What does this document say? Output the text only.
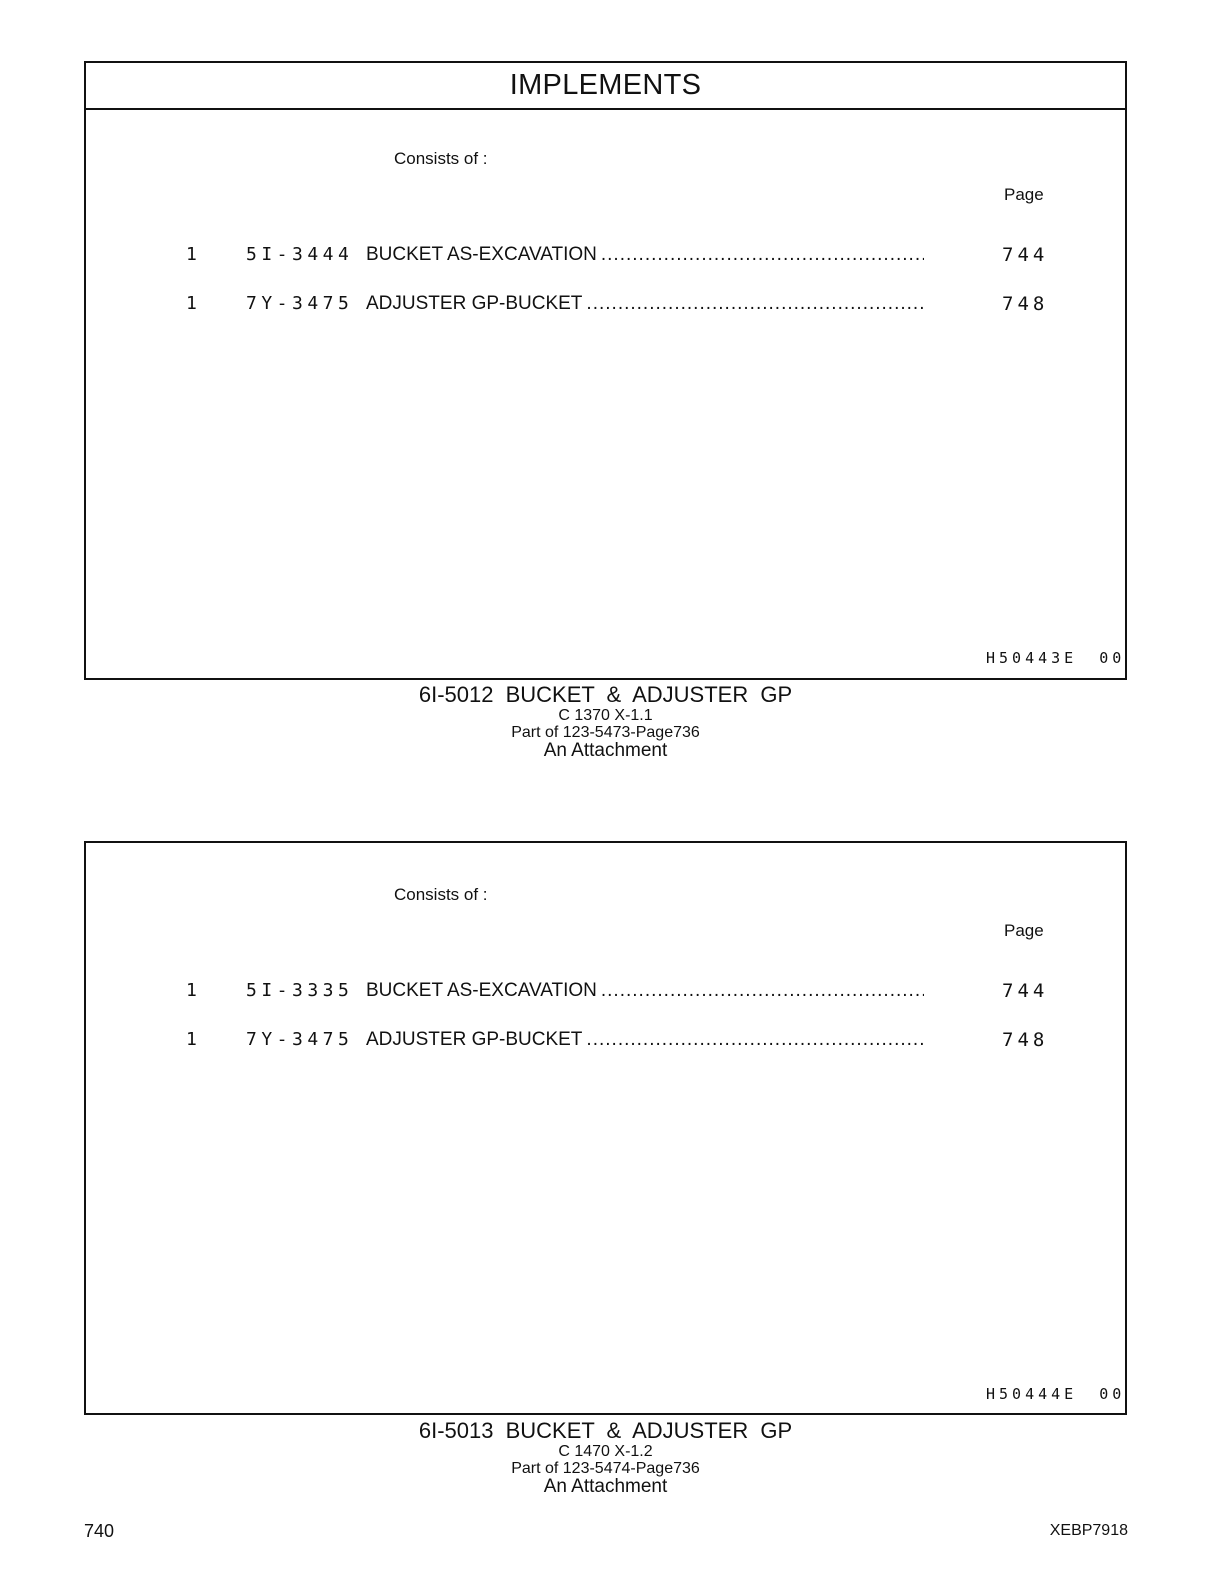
IMPLEMENTS
Consists of :
Page
1	5I-3444 BUCKET AS-EXCAVATION .....	744
1	7Y-3475 ADJUSTER GP-BUCKET .....	748
H50443E 00
6I-5012 BUCKET & ADJUSTER GP
C 1370 X-1.1
Part of 123-5473-Page736
An Attachment
Consists of :
Page
1	5I-3335 BUCKET AS-EXCAVATION .....	744
1	7Y-3475 ADJUSTER GP-BUCKET .....	748
H50444E 00
6I-5013 BUCKET & ADJUSTER GP
C 1470 X-1.2
Part of 123-5474-Page736
An Attachment
740	XEBP7918
